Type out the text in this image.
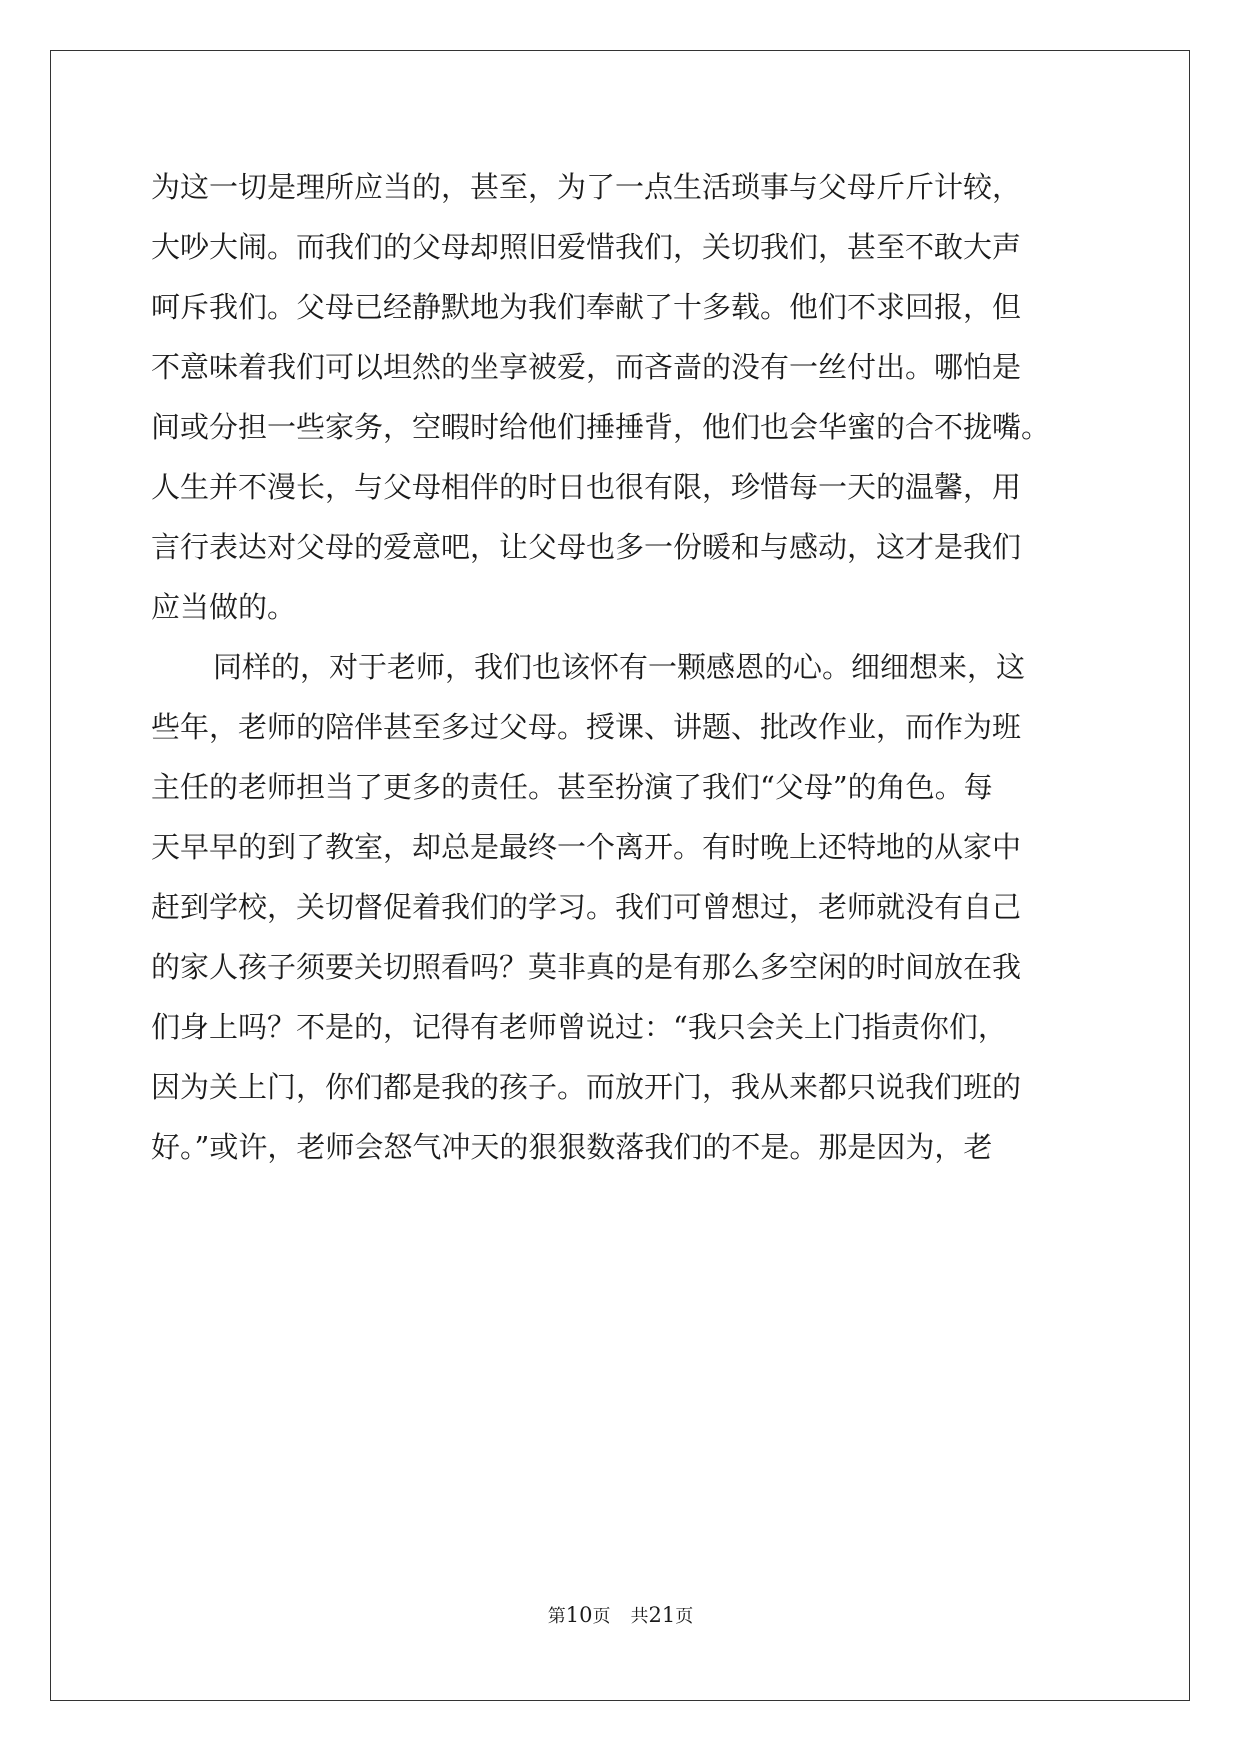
为这一切是理所应当的，甚至，为了一点生活琐事与父母斤斤计较，
大吵大闹。而我们的父母却照旧爱惜我们，关切我们，甚至不敢大声
呵斥我们。父母已经静默地为我们奉献了十多载。他们不求回报，但
不意味着我们可以坦然的坐享被爱，而吝啬的没有一丝付出。哪怕是
间或分担一些家务，空暇时给他们捶捶背，他们也会华蜜的合不拢嘴。
人生并不漫长，与父母相伴的时日也很有限，珍惜每一天的温馨，用
言行表达对父母的爱意吧，让父母也多一份暖和与感动，这才是我们
应当做的。
同样的，对于老师，我们也该怀有一颗感恩的心。细细想来，这
些年，老师的陪伴甚至多过父母。授课、讲题、批改作业，而作为班
主任的老师担当了更多的责任。甚至扮演了我们“父母”的角色。每
天早早的到了教室，却总是最终一个离开。有时晚上还特地的从家中
赶到学校，关切督促着我们的学习。我们可曾想过，老师就没有自己
的家人孩子须要关切照看吗？莫非真的是有那么多空闲的时间放在我
们身上吗？不是的，记得有老师曾说过：“我只会关上门指责你们，
因为关上门，你们都是我的孩子。而放开门，我从来都只说我们班的
好。”或许，老师会怒气冲天的狠狠数落我们的不是。那是因为，老
第10页 共21页
